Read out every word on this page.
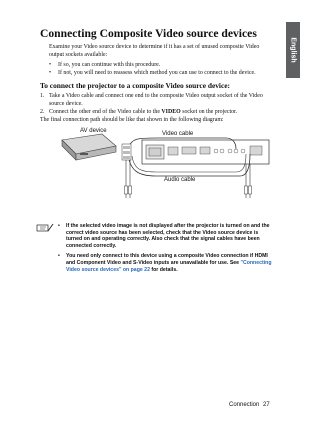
English
Connecting Composite Video source devices

Examine your Video source device to determine if it has a set of unused composite Video output sockets available:

• If so, you can continue with this procedure.
• If not, you will need to reassess which method you can use to connect to the device.
To connect the projector to a composite Video source device:
1. Take a Video cable and connect one end to the composite Video output socket of the Video source device.
2. Connect the other end of the Video cable to the VIDEO socket on the projector.

The final connection path should be like that shown in the following diagram:

AV device	Video cable
Audio cable
• If the selected video image is not displayed after the projector is turned on and the correct video source has been selected, check that the Video source device is turned on and operating correctly. Also check that the signal cables have been connected correctly.
• You need only connect to this device using a composite Video connection if HDMI and Component Video and S-Video inputs are unavailable for use. See "Connecting Video source devices" on page 22 for details.
Connection 27
